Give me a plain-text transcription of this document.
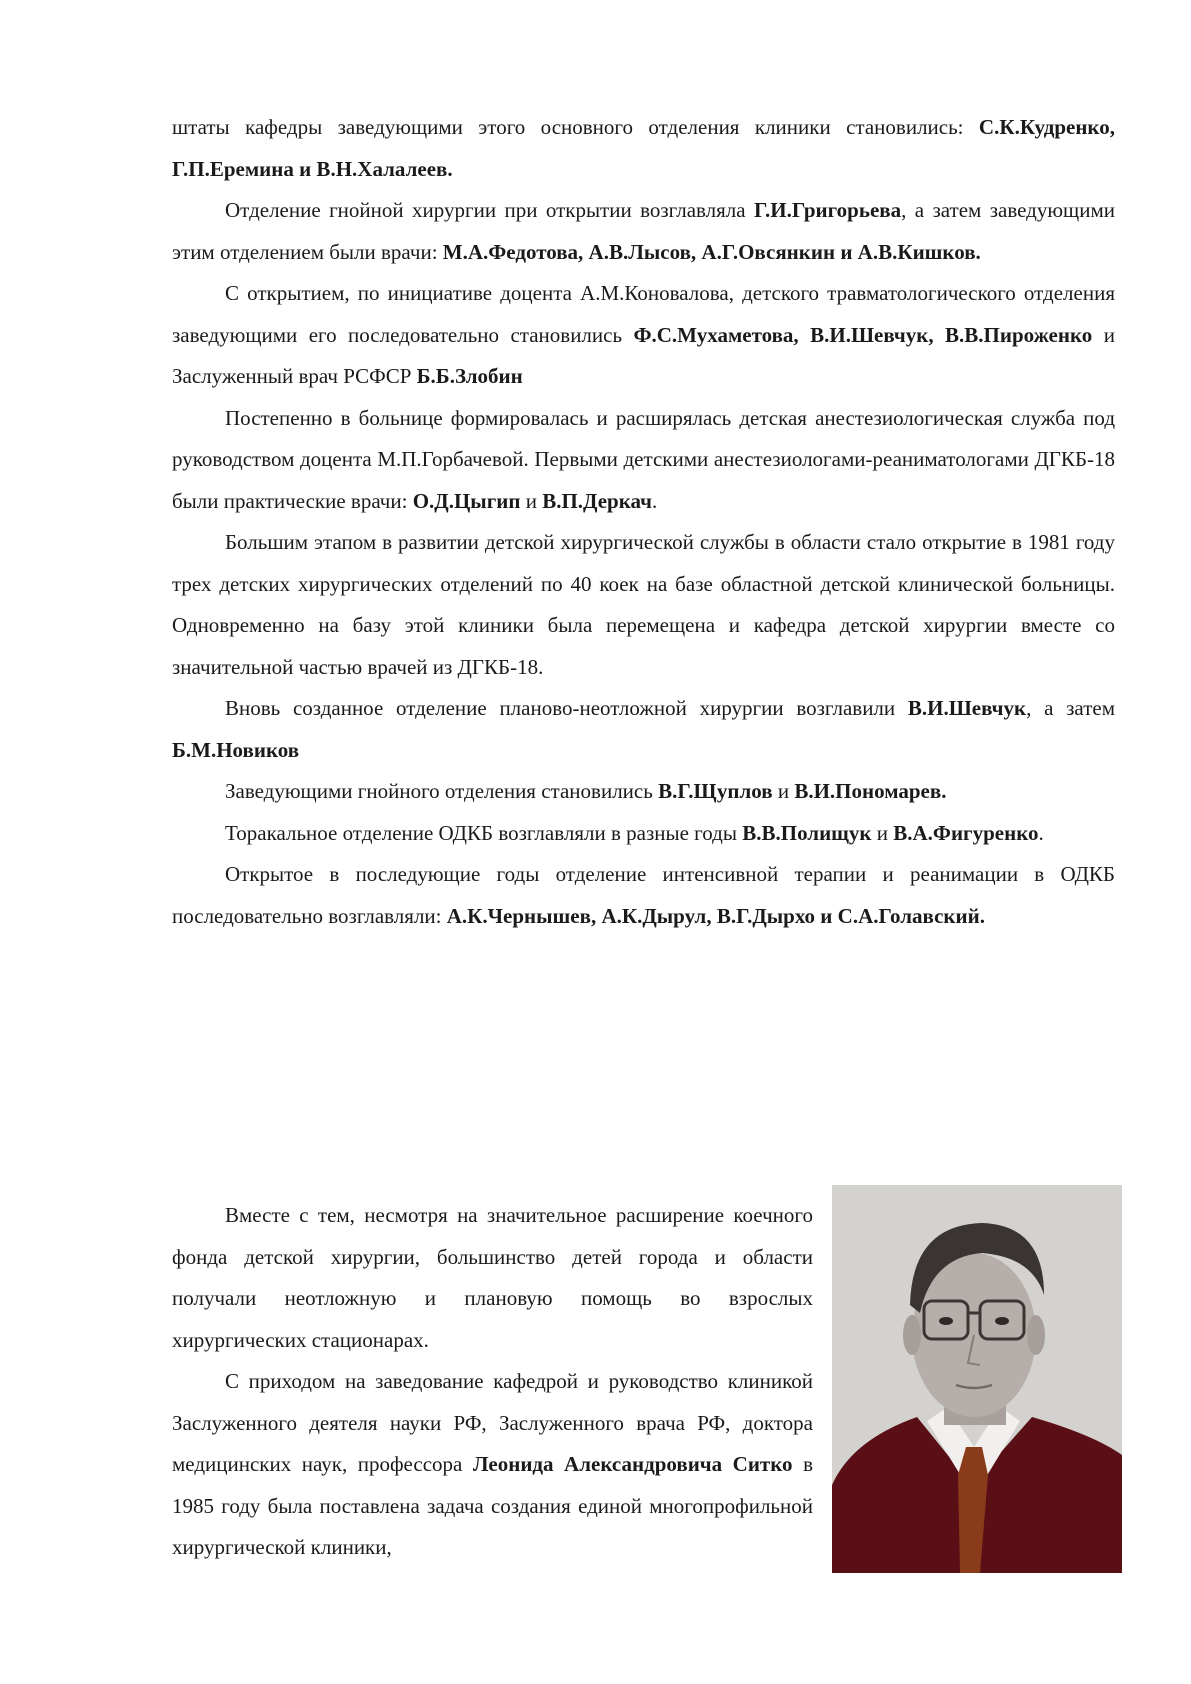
штаты кафедры заведующими этого основного отделения клиники становились: С.К.Кудренко, Г.П.Еремина и В.Н.Халалеев.

Отделение гнойной хирургии при открытии возглавляла Г.И.Григорьева, а затем заведующими этим отделением были врачи: М.А.Федотова, А.В.Лысов, А.Г.Овсянкин и А.В.Кишков.

С открытием, по инициативе доцента А.М.Коновалова, детского травматологического отделения заведующими его последовательно становились Ф.С.Мухаметова, В.И.Шевчук, В.В.Пироженко и Заслуженный врач РСФСР Б.Б.Злобин

Постепенно в больнице формировалась и расширялась детская анестезиологическая служба под руководством доцента М.П.Горбачевой. Первыми детскими анестезиологами-реаниматологами ДГКБ-18 были практические врачи: О.Д.Цыгип и В.П.Деркач.

Большим этапом в развитии детской хирургической службы в области стало открытие в 1981 году трех детских хирургических отделений по 40 коек на базе областной детской клинической больницы. Одновременно на базу этой клиники была перемещена и кафедра детской хирургии вместе со значительной частью врачей из ДГКБ-18.

Вновь созданное отделение планово-неотложной хирургии возглавили В.И.Шевчук, а затем Б.М.Новиков

Заведующими гнойного отделения становились В.Г.Щуплов и В.И.Пономарев.

Торакальное отделение ОДКБ возглавляли в разные годы В.В.Полищук и В.А.Фигуренко.

Открытое в последующие годы отделение интенсивной терапии и реанимации в ОДКБ последовательно возглавляли: А.К.Чернышев, А.К.Дырул, В.Г.Дырхо и С.А.Голавский.

Вместе с тем, несмотря на значительное расширение коечного фонда детской хирургии, большинство детей города и области получали неотложную и плановую помощь во взрослых хирургических стационарах.

С приходом на заведование кафедрой и руководство клиникой Заслуженного деятеля науки РФ, Заслуженного врача РФ, доктора медицинских наук, профессора Леонида Александровича Ситко в 1985 году была поставлена задача создания единой многопрофильной хирургической клиники,
